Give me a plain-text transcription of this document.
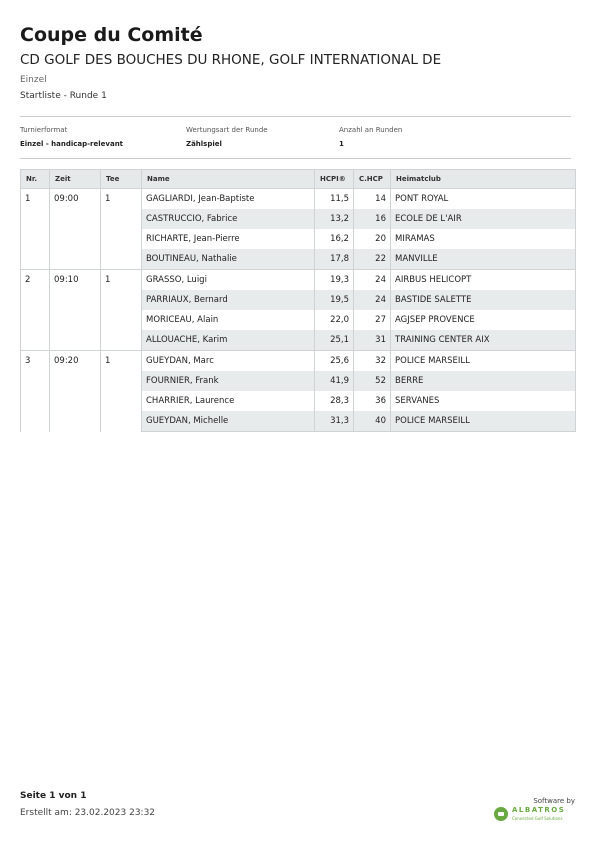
Coupe du Comité
CD GOLF DES BOUCHES DU RHONE, GOLF INTERNATIONAL DE
Einzel
Startliste - Runde 1
Turnierformat
Einzel - handicap-relevant
Wertungsart der Runde
Zählspiel
Anzahl an Runden
1
Nr.	Zeit	Tee	Name	HCPI®	C.HCP	Heimatclub
1	09:00	1	GAGLIARDI, Jean-Baptiste	11,5	14	PONT ROYAL
			CASTRUCCIO, Fabrice	13,2	16	ECOLE DE L'AIR
			RICHARTE, Jean-Pierre	16,2	20	MIRAMAS
			BOUTINEAU, Nathalie	17,8	22	MANVILLE
2	09:10	1	GRASSO, Luigi	19,3	24	AIRBUS HELICOPT
			PARRIAUX, Bernard	19,5	24	BASTIDE SALETTE
			MORICEAU, Alain	22,0	27	AGJSEP PROVENCE
			ALLOUACHE, Karim	25,1	31	TRAINING CENTER AIX
3	09:20	1	GUEYDAN, Marc	25,6	32	POLICE MARSEILL
			FOURNIER, Frank	41,9	52	BERRE
			CHARRIER, Laurence	28,3	36	SERVANES
			GUEYDAN, Michelle	31,3	40	POLICE MARSEILL
Seite 1 von 1
Erstellt am: 23.02.2023 23:32
Software by
ALBATROS
Connected Golf Solutions
